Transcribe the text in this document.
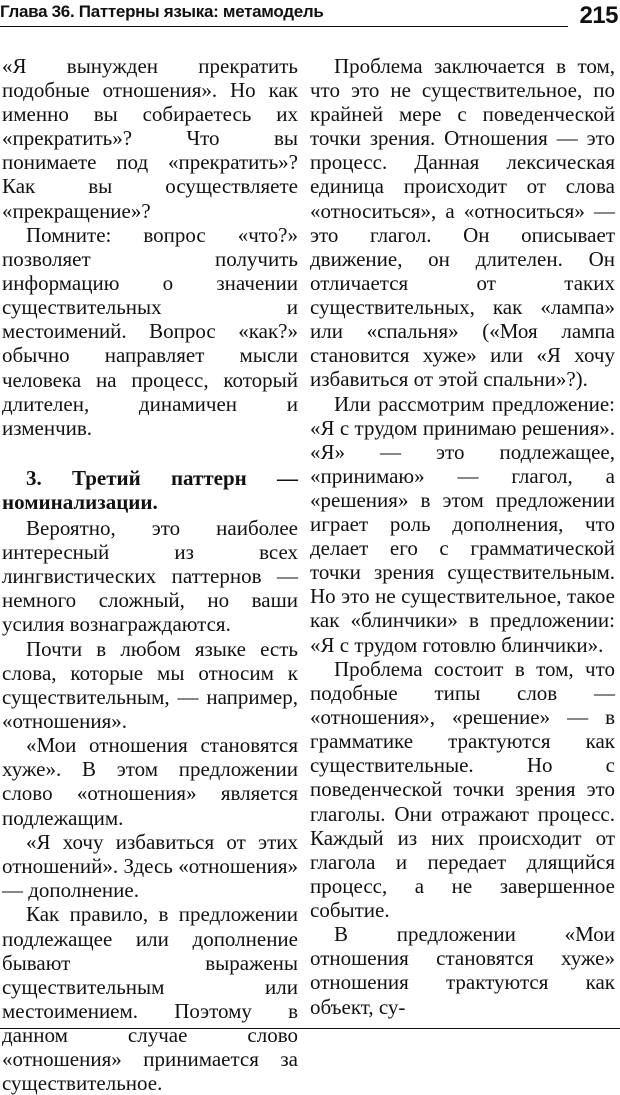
Глава 36. Паттерны языка: метамодель	215

«Я вынужден прекратить подобные отношения». Но как именно вы собираетесь их «прекратить»? Что вы понимаете под «прекратить»? Как вы осуществляете «прекращение»?

Помните: вопрос «что?» позволяет получить информацию о значении существительных и местоимений. Вопрос «как?» обычно направляет мысли человека на процесс, который длителен, динамичен и изменчив.

3. Третий паттерн — номинализации.

Вероятно, это наиболее интересный из всех лингвистических паттернов — немного сложный, но ваши усилия вознаграждаются.

Почти в любом языке есть слова, которые мы относим к существительным, — например, «отношения».

«Мои отношения становятся хуже». В этом предложении слово «отношения» является подлежащим.

«Я хочу избавиться от этих отношений». Здесь «отношения» — дополнение.

Как правило, в предложении подлежащее или дополнение бывают выражены существительным или местоимением. Поэтому в данном случае слово «отношения» принимается за существительное.

Проблема заключается в том, что это не существительное, по крайней мере с поведенческой точки зрения. Отношения — это процесс. Данная лексическая единица происходит от слова «относиться», а «относиться» — это глагол. Он описывает движение, он длителен. Он отличается от таких существительных, как «лампа» или «спальня» («Моя лампа становится хуже» или «Я хочу избавиться от этой спальни»?).

Или рассмотрим предложение: «Я с трудом принимаю решения». «Я» — это подлежащее, «принимаю» — глагол, а «решения» в этом предложении играет роль дополнения, что делает его с грамматической точки зрения существительным. Но это не существительное, такое как «блинчики» в предложении: «Я с трудом готовлю блинчики».

Проблема состоит в том, что подобные типы слов — «отношения», «решение» — в грамматике трактуются как существительные. Но с поведенческой точки зрения это глаголы. Они отражают процесс. Каждый из них происходит от глагола и передает длящийся процесс, а не завершенное событие.

В предложении «Мои отношения становятся хуже» отношения трактуются как объект, су-
